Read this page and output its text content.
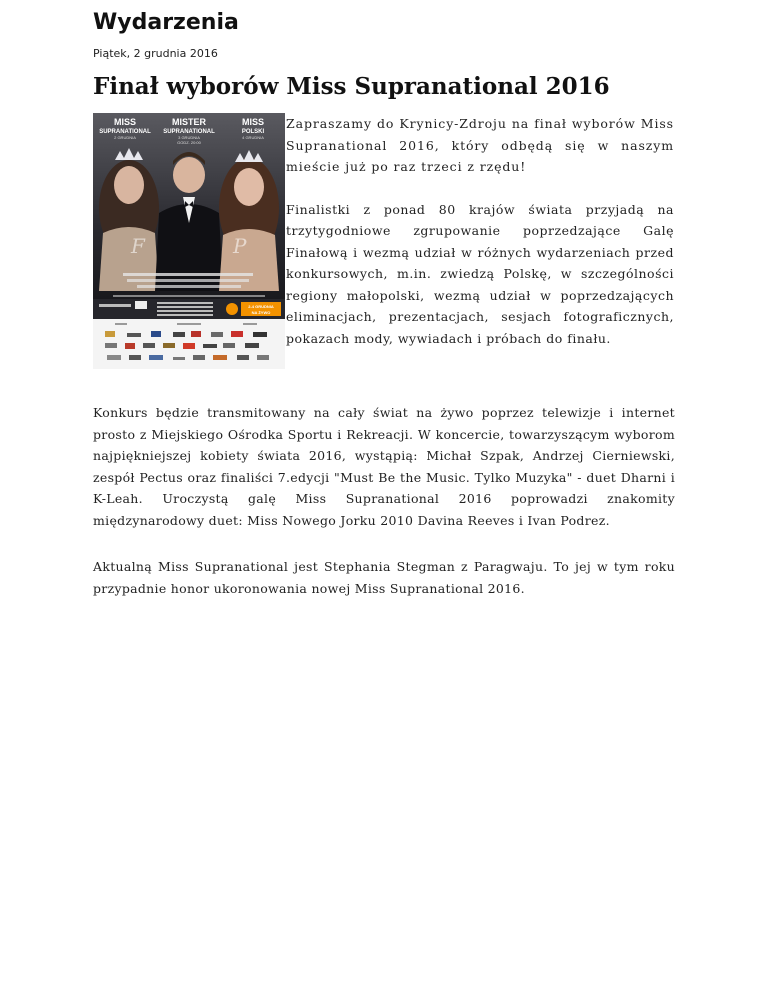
Wydarzenia
Piątek, 2 grudnia 2016
Finał wyborów Miss Supranational 2016
MISS
SUPRANATIONAL
2 GRUDNIA
MISTER
SUPRANATIONAL
3 GRUDNIA
GODZ. 20:00
MISS
POLSKI
4 GRUDNIA
F	P
2-4 GRUDNIA
NA ŻYWO

Zapraszamy do Krynicy-Zdroju na finał wyborów Miss Supranational 2016, który odbędą się w naszym mieście już po raz trzeci z rzędu!

Finalistki z ponad 80 krajów świata przyjadą na trzytygodniowe zgrupowanie poprzedzające Galę Finałową i wezmą udział w różnych wydarzeniach przed konkursowych, m.in. zwiedzą Polskę, w szczególności regiony małopolski, wezmą udział w poprzedzających eliminacjach, prezentacjach, sesjach fotograficznych, pokazach mody, wywiadach i próbach do finału.

Konkurs będzie transmitowany na cały świat na żywo poprzez telewizje i internet prosto z Miejskiego Ośrodka Sportu i Rekreacji. W koncercie, towarzyszącym wyborom najpiękniejszej kobiety świata 2016, wystąpią: Michał Szpak, Andrzej Cierniewski, zespół Pectus oraz finaliści 7.edycji "Must Be the Music. Tylko Muzyka" - duet Dharni i K-Leah. Uroczystą galę Miss Supranational 2016 poprowadzi znakomity międzynarodowy duet: Miss Nowego Jorku 2010 Davina Reeves i Ivan Podrez.

Aktualną Miss Supranational jest Stephania Stegman z Paragwaju. To jej w tym roku przypadnie honor ukoronowania nowej Miss Supranational 2016.
